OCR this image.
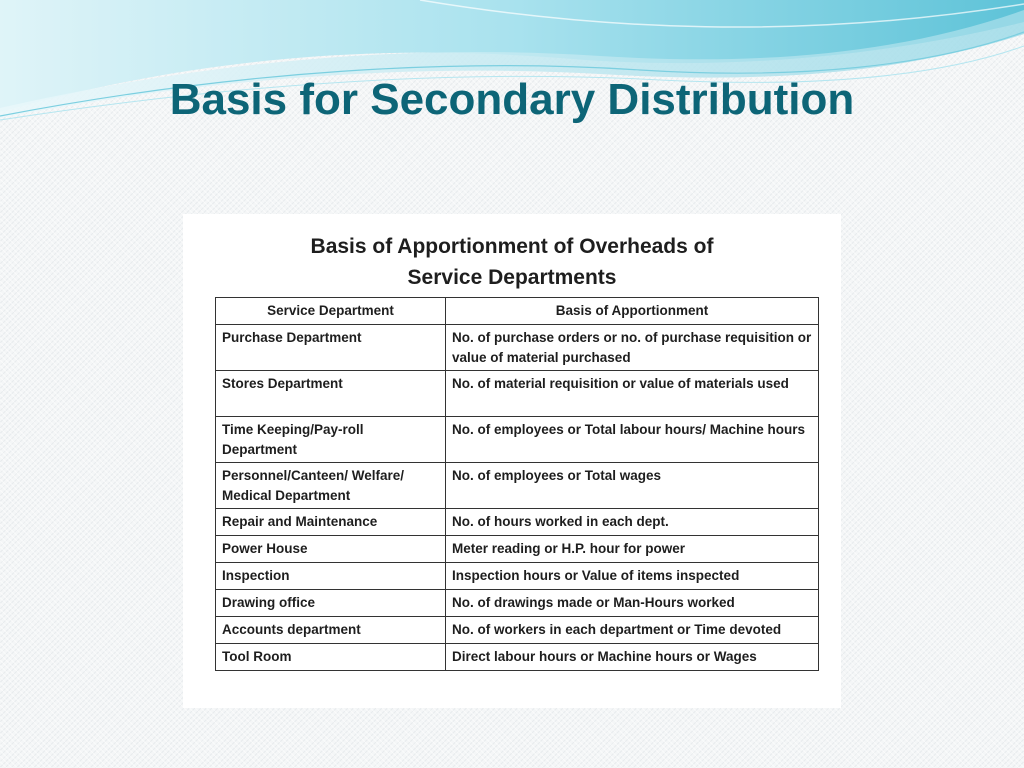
Basis for Secondary Distribution
Basis of Apportionment of Overheads of
Service Departments
Service Department	Basis of Apportionment
Purchase Department	No. of purchase orders or no. of purchase requisition or value of material purchased
Stores Department	No. of material requisition or value of materials used
Time Keeping/Pay-roll Department	No. of employees or Total labour hours/ Machine hours
Personnel/Canteen/ Welfare/ Medical Department	No. of employees or Total wages
Repair and Maintenance	No. of hours worked in each dept.
Power House	Meter reading or H.P. hour for power
Inspection	Inspection hours or Value of items inspected
Drawing office	No. of drawings made or Man-Hours worked
Accounts department	No. of workers in each department or Time devoted
Tool Room	Direct labour hours or Machine hours or Wages
